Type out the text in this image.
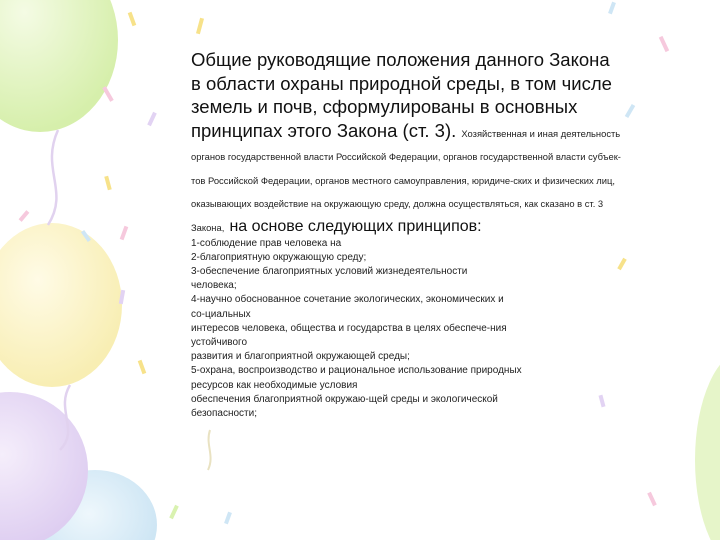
Общие руководящие положения данного Закона в области охраны природной среды, в том числе земель и почв, сформулированы в основных принципах этого Закона (ст. 3). Хозяйственная и иная деятельность органов государственной власти Российской Федерации, органов государственной власти субъек-тов Российской Федерации, органов местного самоуправления, юридиче-ских и физических лиц, оказывающих воздействие на окружающую среду, должна осуществляться, как сказано в ст. 3 Закона, на основе следующих принципов:
1-соблюдение прав человека на
2-благоприятную окружающую среду;
3-обеспечение благоприятных условий жизнедеятельности
человека;
4-научно обоснованное сочетание экологических, экономических и
со-циальных
интересов человека, общества и государства в целях обеспече-ния
устойчивого
развития и благоприятной окружающей среды;
5-охрана, воспроизводство и рациональное использование природных
ресурсов как необходимые условия
обеспечения благоприятной окружаю-щей среды и экологической
безопасности;
